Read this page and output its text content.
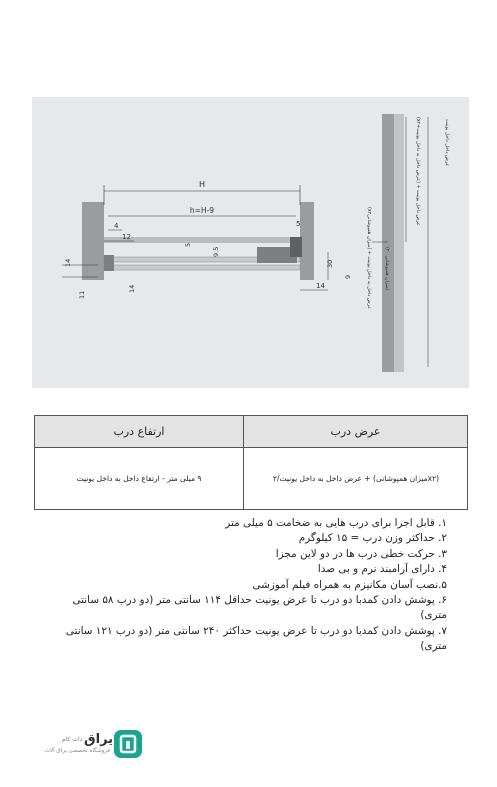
H
h=H-9
4
12
5
9.5
14
14
11
5
30
9
14
عرض داخل داخل یونیت
(x۲+عرض داخل به داخل یونیت) + عرض داخل یونیت
(x۲میزان همپوشانی) + عرض داخل به داخل یونیت
(۲۰ میزان همپوشانی)
ارتفاع درب	عرض درب
۹ میلی متر - ارتفاع داخل به داخل یونیت	(x۲میزان همپوشانی) + عرض داخل به داخل یونیت/۲
۱. قابل اجرا برای درب هایی به ضخامت ۵ میلی متر
۲. حداکثر وزن درب = ۱۵ کیلوگرم
۳. حرکت خطی درب ها در دو لاین مجزا
۴. دارای آرامبند نرم و بی صدا
۵.نصب آسان مکانیزم به همراه فیلم آموزشی
۶. پوشش دادن کمدبا دو درب تا عرض یونیت حداقل ۱۱۴ سانتی متر (دو درب ۵۸ سانتی متری)
۷. پوشش دادن کمدبا دو درب تا عرض یونیت حداکثر ۲۴۰ سانتی متر (دو درب ۱۲۱ سانتی متری)
یراق
دات کام
فروشگاه تخصصی یراق آلات
